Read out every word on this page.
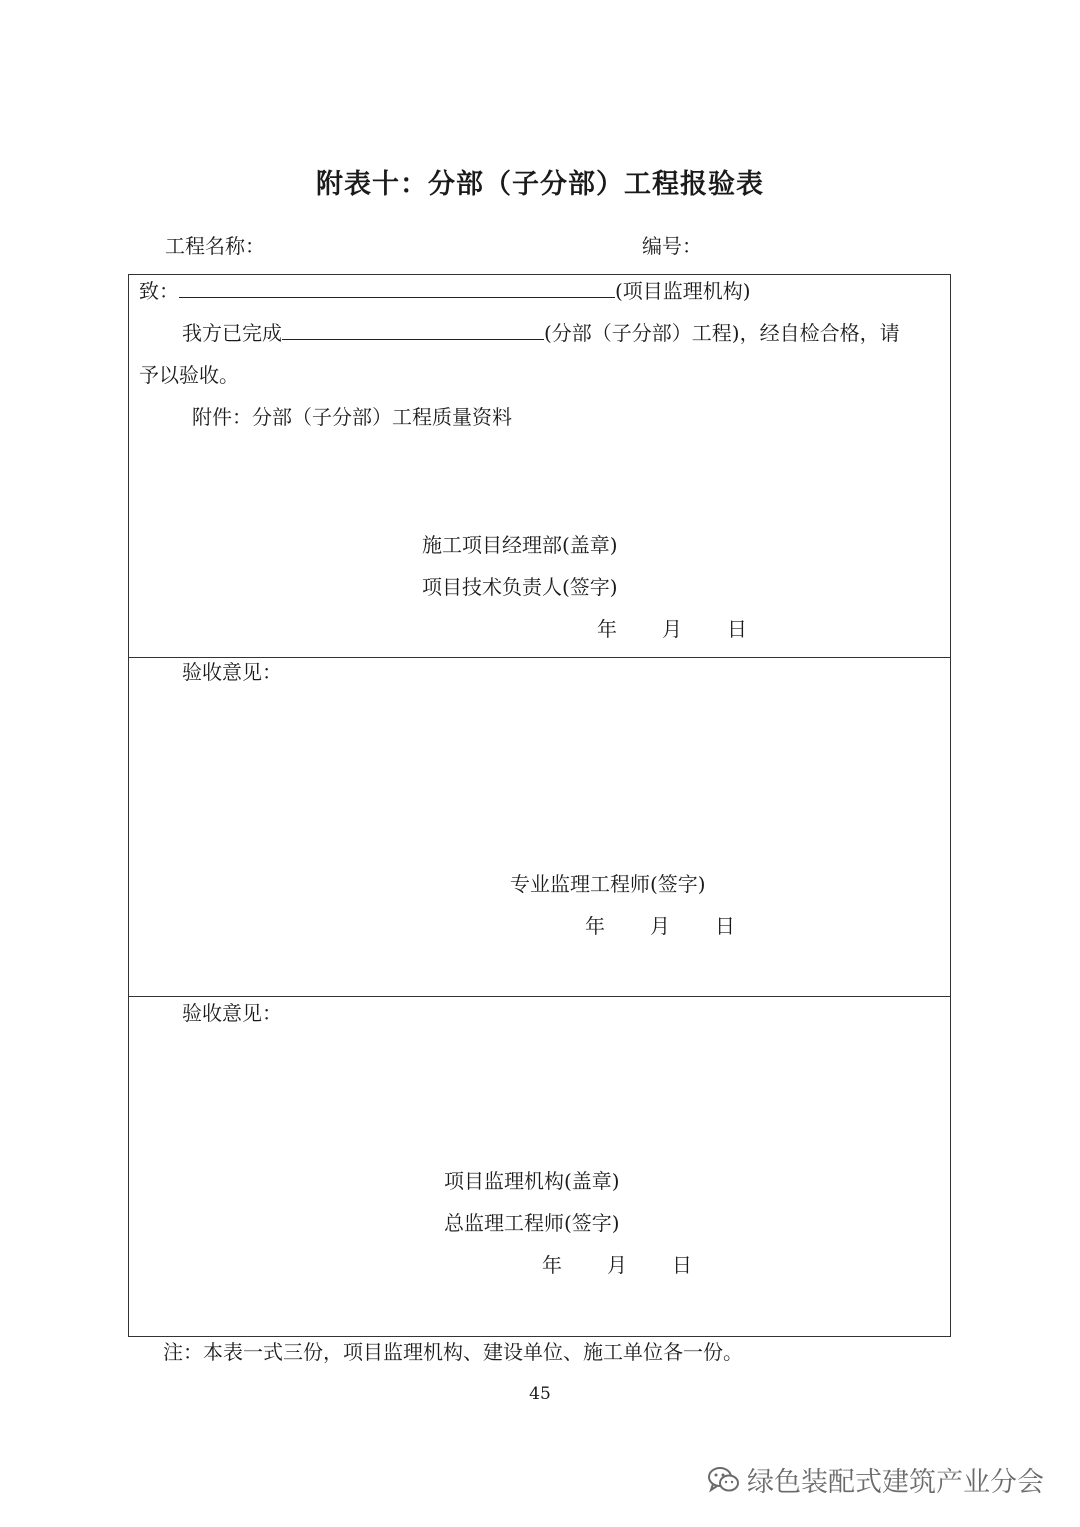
附表十：分部（子分部）工程报验表
工程名称：	编号：
致：	(项目监理机构)
我方已完成	(分部（子分部）工程)，经自检合格，请
予以验收。
附件：分部（子分部）工程质量资料
施工项目经理部(盖章)
项目技术负责人(签字)
年 月 日
验收意见：
专业监理工程师(签字)
年 月 日
验收意见：
项目监理机构(盖章)
总监理工程师(签字)
年 月 日
注：本表一式三份，项目监理机构、建设单位、施工单位各一份。
45
绿色装配式建筑产业分会
